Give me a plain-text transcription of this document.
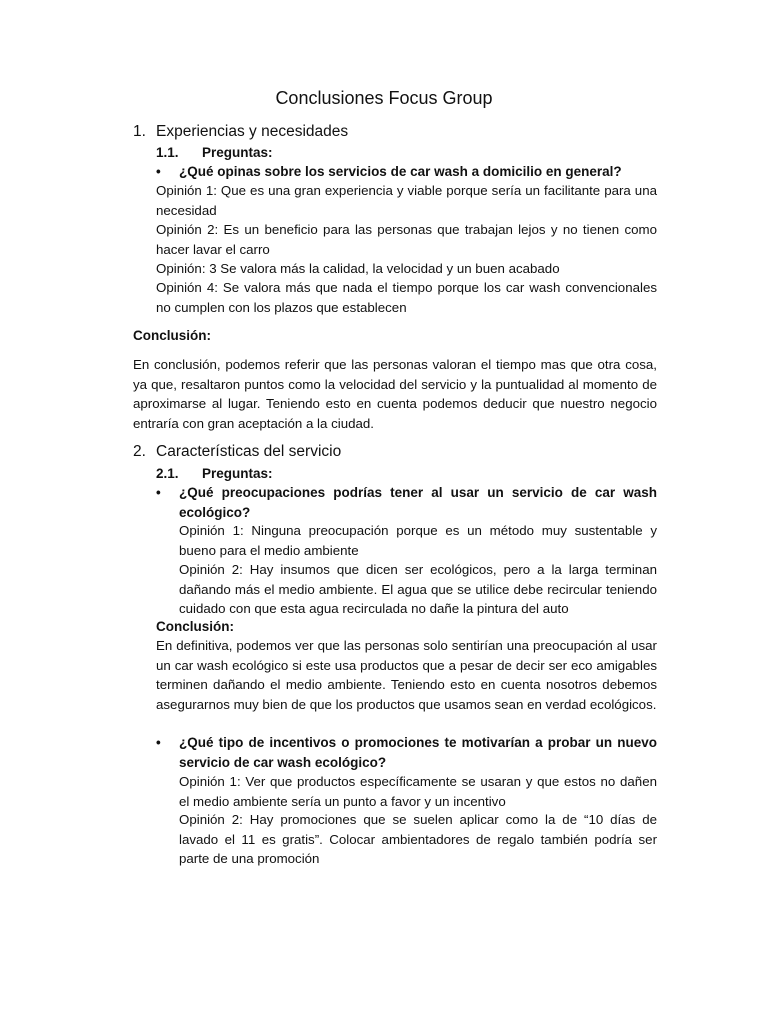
Conclusiones Focus Group
1. Experiencias y necesidades
1.1.	Preguntas:
•	¿Qué opinas sobre los servicios de car wash a domicilio en general?
Opinión 1: Que es una gran experiencia y viable porque sería un facilitante para una necesidad
Opinión 2: Es un beneficio para las personas que trabajan lejos y no tienen como hacer lavar el carro
Opinión: 3 Se valora más la calidad, la velocidad y un buen acabado
Opinión 4: Se valora más que nada el tiempo porque los car wash convencionales no cumplen con los plazos que establecen
Conclusión:
En conclusión, podemos referir que las personas valoran el tiempo mas que otra cosa, ya que, resaltaron puntos como la velocidad del servicio y la puntualidad al momento de aproximarse al lugar. Teniendo esto en cuenta podemos deducir que nuestro negocio entraría con gran aceptación a la ciudad.
2. Características del servicio
2.1.	Preguntas:
•	¿Qué preocupaciones podrías tener al usar un servicio de car wash ecológico?
Opinión 1: Ninguna preocupación porque es un método muy sustentable y bueno para el medio ambiente
Opinión 2: Hay insumos que dicen ser ecológicos, pero a la larga terminan dañando más el medio ambiente. El agua que se utilice debe recircular teniendo cuidado con que esta agua recirculada no dañe la pintura del auto
Conclusión:
En definitiva, podemos ver que las personas solo sentirían una preocupación al usar un car wash ecológico si este usa productos que a pesar de decir ser eco amigables terminen dañando el medio ambiente. Teniendo esto en cuenta nosotros debemos asegurarnos muy bien de que los productos que usamos sean en verdad ecológicos.
•	¿Qué tipo de incentivos o promociones te motivarían a probar un nuevo servicio de car wash ecológico?
Opinión 1: Ver que productos específicamente se usaran y que estos no dañen el medio ambiente sería un punto a favor y un incentivo
Opinión 2: Hay promociones que se suelen aplicar como la de “10 días de lavado el 11 es gratis”. Colocar ambientadores de regalo también podría ser parte de una promoción
